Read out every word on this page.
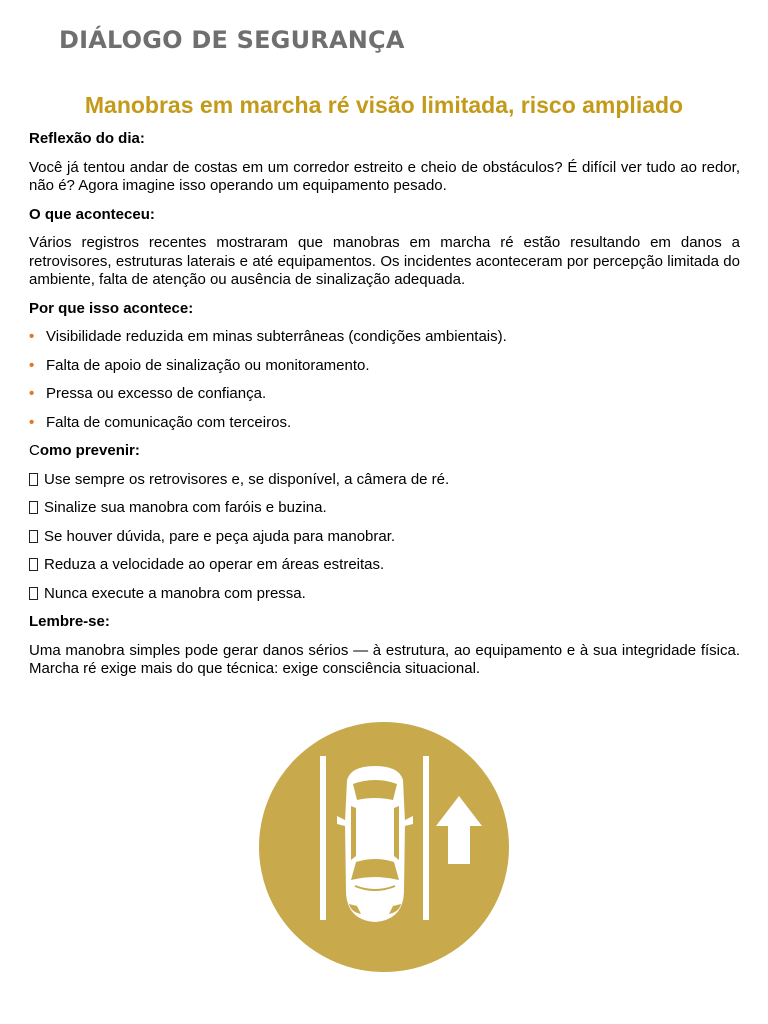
DIÁLOGO DE SEGURANÇA
Manobras em marcha ré visão limitada, risco ampliado
Reflexão do dia:
Você já tentou andar de costas em um corredor estreito e cheio de obstáculos? É difícil ver tudo ao redor, não é? Agora imagine isso operando um equipamento pesado.
O que aconteceu:
Vários registros recentes mostraram que manobras em marcha ré estão resultando em danos a retrovisores, estruturas laterais e até equipamentos. Os incidentes aconteceram por percepção limitada do ambiente, falta de atenção ou ausência de sinalização adequada.
Por que isso acontece:
• Visibilidade reduzida em minas subterrâneas (condições ambientais).
• Falta de apoio de sinalização ou monitoramento.
• Pressa ou excesso de confiança.
• Falta de comunicação com terceiros.
Como prevenir:
Use sempre os retrovisores e, se disponível, a câmera de ré.
Sinalize sua manobra com faróis e buzina.
Se houver dúvida, pare e peça ajuda para manobrar.
Reduza a velocidade ao operar em áreas estreitas.
Nunca execute a manobra com pressa.
Lembre-se:
Uma manobra simples pode gerar danos sérios — à estrutura, ao equipamento e à sua integridade física. Marcha ré exige mais do que técnica: exige consciência situacional.
